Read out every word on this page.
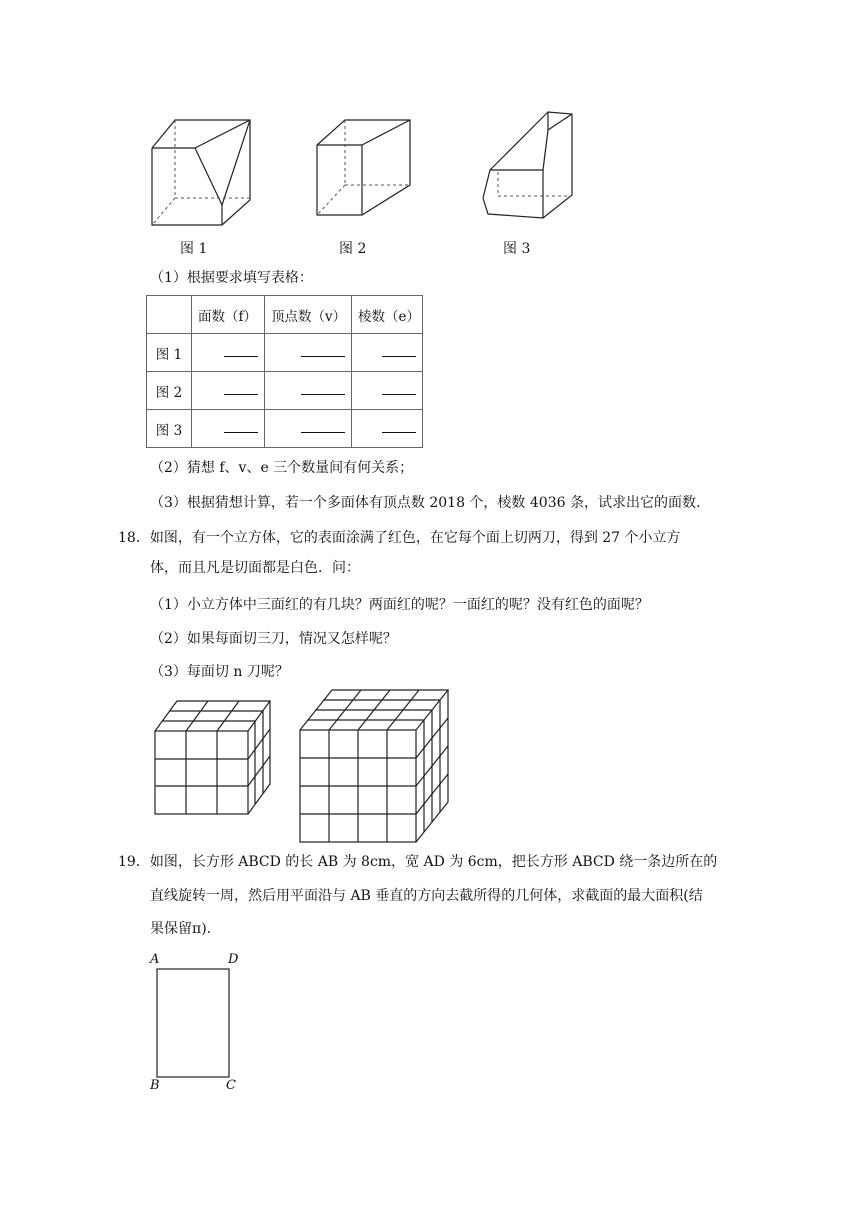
图 1	图 2	图 3
（1）根据要求填写表格：
	面数（f）	顶点数（v）	棱数（e）
图 1			
图 2			
图 3			
（2）猜想 f、v、e 三个数量间有何关系；
（3）根据猜想计算，若一个多面体有顶点数 2018 个，棱数 4036 条，试求出它的面数.
18．如图，有一个立方体，它的表面涂满了红色，在它每个面上切两刀，得到 27 个小立方
体，而且凡是切面都是白色．问：
（1）小立方体中三面红的有几块？两面红的呢？一面红的呢？没有红色的面呢？
（2）如果每面切三刀，情况又怎样呢？
（3）每面切 n 刀呢？
19．如图，长方形 ABCD 的长 AB 为 8cm，宽 AD 为 6cm，把长方形 ABCD 绕一条边所在的
直线旋转一周，然后用平面沿与 AB 垂直的方向去截所得的几何体，求截面的最大面积(结
果保留π).
A	D
B	C
